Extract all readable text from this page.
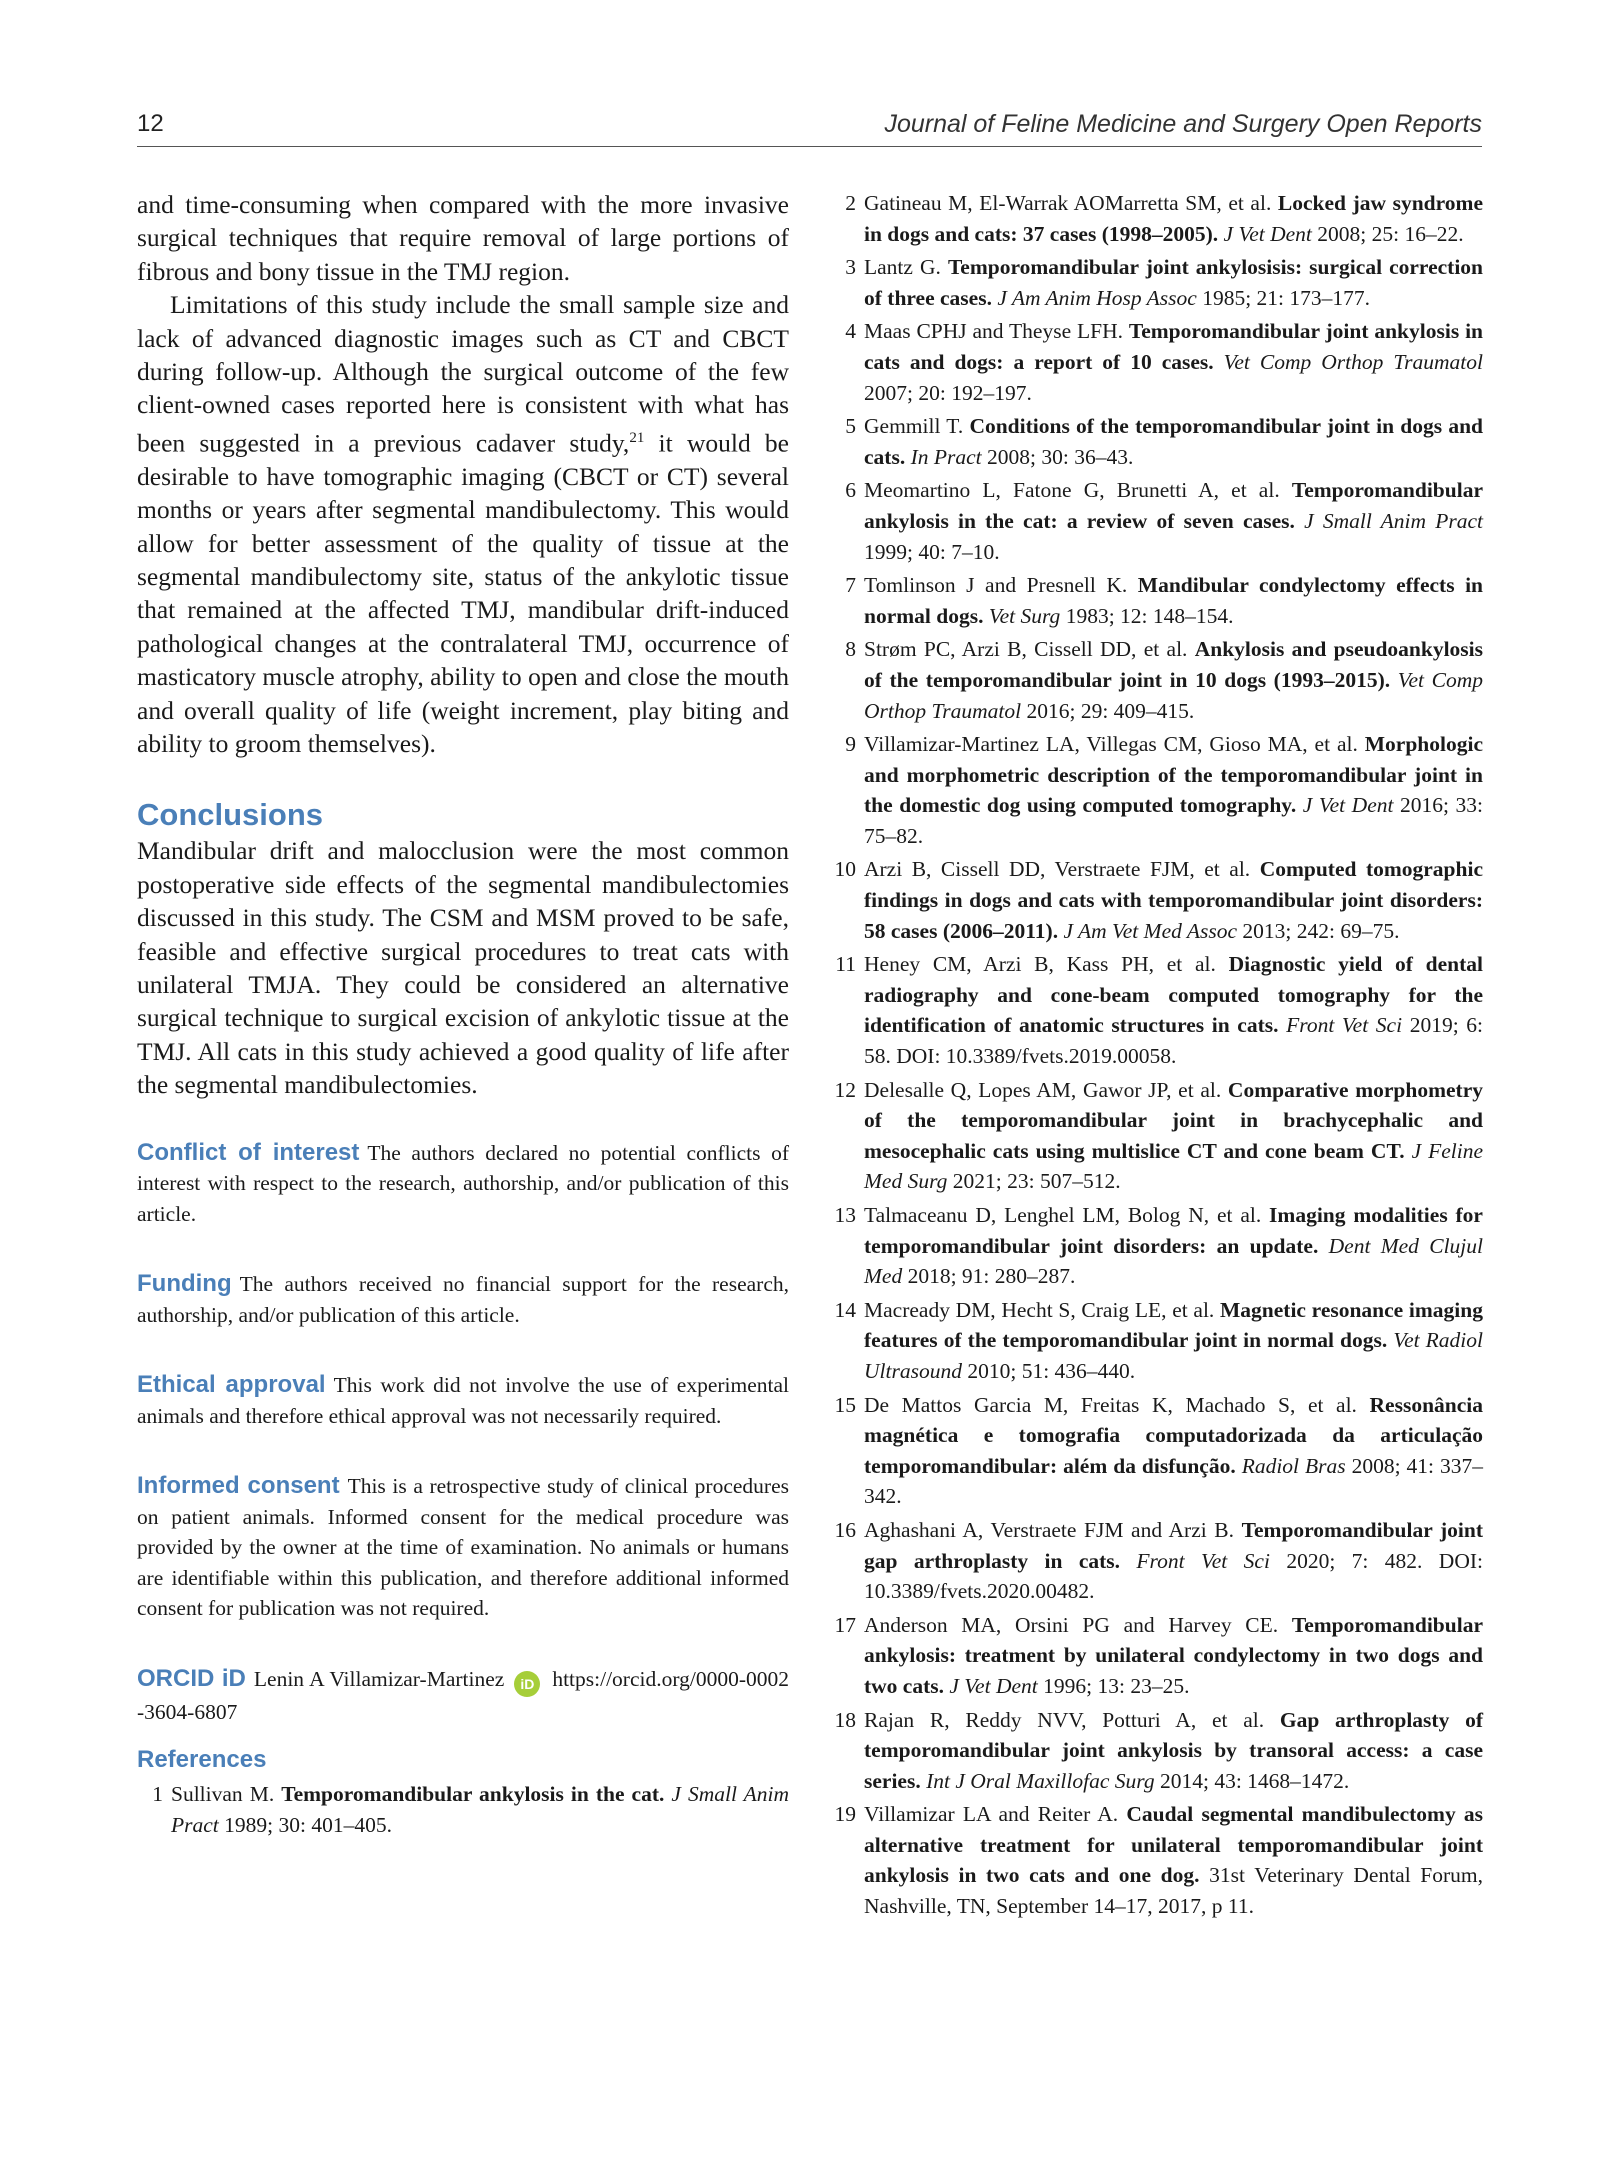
12	Journal of Feline Medicine and Surgery Open Reports

and time-consuming when compared with the more invasive surgical techniques that require removal of large portions of fibrous and bony tissue in the TMJ region.

Limitations of this study include the small sample size and lack of advanced diagnostic images such as CT and CBCT during follow-up. Although the surgical outcome of the few client-owned cases reported here is consistent with what has been suggested in a previous cadaver study,$^{21}$ it would be desirable to have tomographic imaging (CBCT or CT) several months or years after segmental mandibulectomy. This would allow for better assessment of the quality of tissue at the segmental mandibulectomy site, status of the ankylotic tissue that remained at the affected TMJ, mandibular drift-induced pathological changes at the contralateral TMJ, occurrence of masticatory muscle atrophy, ability to open and close the mouth and overall quality of life (weight increment, play biting and ability to groom themselves).

Conclusions

Mandibular drift and malocclusion were the most common postoperative side effects of the segmental mandibulectomies discussed in this study. The CSM and MSM proved to be safe, feasible and effective surgical procedures to treat cats with unilateral TMJA. They could be considered an alternative surgical technique to surgical excision of ankylotic tissue at the TMJ. All cats in this study achieved a good quality of life after the segmental mandibulectomies.

Conflict of interest The authors declared no potential conflicts of interest with respect to the research, authorship, and/or publication of this article.

Funding The authors received no financial support for the research, authorship, and/or publication of this article.

Ethical approval This work did not involve the use of experimental animals and therefore ethical approval was not necessarily required.

Informed consent This is a retrospective study of clinical procedures on patient animals. Informed consent for the medical procedure was provided by the owner at the time of examination. No animals or humans are identifiable within this publication, and therefore additional informed consent for publication was not required.

ORCID iD Lenin A Villamizar-Martinez iD https://orcid.org/0000-0002-3604-6807

References
1 Sullivan M. Temporomandibular ankylosis in the cat. J Small Anim Pract 1989; 30: 401–405.
2 Gatineau M, El-Warrak AOMarretta SM, et al. Locked jaw syndrome in dogs and cats: 37 cases (1998–2005). J Vet Dent 2008; 25: 16–22.
3 Lantz G. Temporomandibular joint ankylosisis: surgical correction of three cases. J Am Anim Hosp Assoc 1985; 21: 173–177.
4 Maas CPHJ and Theyse LFH. Temporomandibular joint ankylosis in cats and dogs: a report of 10 cases. Vet Comp Orthop Traumatol 2007; 20: 192–197.
5 Gemmill T. Conditions of the temporomandibular joint in dogs and cats. In Pract 2008; 30: 36–43.
6 Meomartino L, Fatone G, Brunetti A, et al. Temporomandibular ankylosis in the cat: a review of seven cases. J Small Anim Pract 1999; 40: 7–10.
7 Tomlinson J and Presnell K. Mandibular condylectomy effects in normal dogs. Vet Surg 1983; 12: 148–154.
8 Strøm PC, Arzi B, Cissell DD, et al. Ankylosis and pseudoankylosis of the temporomandibular joint in 10 dogs (1993–2015). Vet Comp Orthop Traumatol 2016; 29: 409–415.
9 Villamizar-Martinez LA, Villegas CM, Gioso MA, et al. Morphologic and morphometric description of the temporomandibular joint in the domestic dog using computed tomography. J Vet Dent 2016; 33: 75–82.
10 Arzi B, Cissell DD, Verstraete FJM, et al. Computed tomographic findings in dogs and cats with temporomandibular joint disorders: 58 cases (2006–2011). J Am Vet Med Assoc 2013; 242: 69–75.
11 Heney CM, Arzi B, Kass PH, et al. Diagnostic yield of dental radiography and cone-beam computed tomography for the identification of anatomic structures in cats. Front Vet Sci 2019; 6: 58. DOI: 10.3389/fvets.2019.00058.
12 Delesalle Q, Lopes AM, Gawor JP, et al. Comparative morphometry of the temporomandibular joint in brachycephalic and mesocephalic cats using multislice CT and cone beam CT. J Feline Med Surg 2021; 23: 507–512.
13 Talmaceanu D, Lenghel LM, Bolog N, et al. Imaging modalities for temporomandibular joint disorders: an update. Dent Med Clujul Med 2018; 91: 280–287.
14 Macready DM, Hecht S, Craig LE, et al. Magnetic resonance imaging features of the temporomandibular joint in normal dogs. Vet Radiol Ultrasound 2010; 51: 436–440.
15 De Mattos Garcia M, Freitas K, Machado S, et al. Ressonância magnética e tomografia computadorizada da articulação temporomandibular: além da disfunção. Radiol Bras 2008; 41: 337–342.
16 Aghashani A, Verstraete FJM and Arzi B. Temporomandibular joint gap arthroplasty in cats. Front Vet Sci 2020; 7: 482. DOI: 10.3389/fvets.2020.00482.
17 Anderson MA, Orsini PG and Harvey CE. Temporomandibular ankylosis: treatment by unilateral condylectomy in two dogs and two cats. J Vet Dent 1996; 13: 23–25.
18 Rajan R, Reddy NVV, Potturi A, et al. Gap arthroplasty of temporomandibular joint ankylosis by transoral access: a case series. Int J Oral Maxillofac Surg 2014; 43: 1468–1472.
19 Villamizar LA and Reiter A. Caudal segmental mandibulectomy as alternative treatment for unilateral temporomandibular joint ankylosis in two cats and one dog. 31st Veterinary Dental Forum, Nashville, TN, September 14–17, 2017, p 11.
